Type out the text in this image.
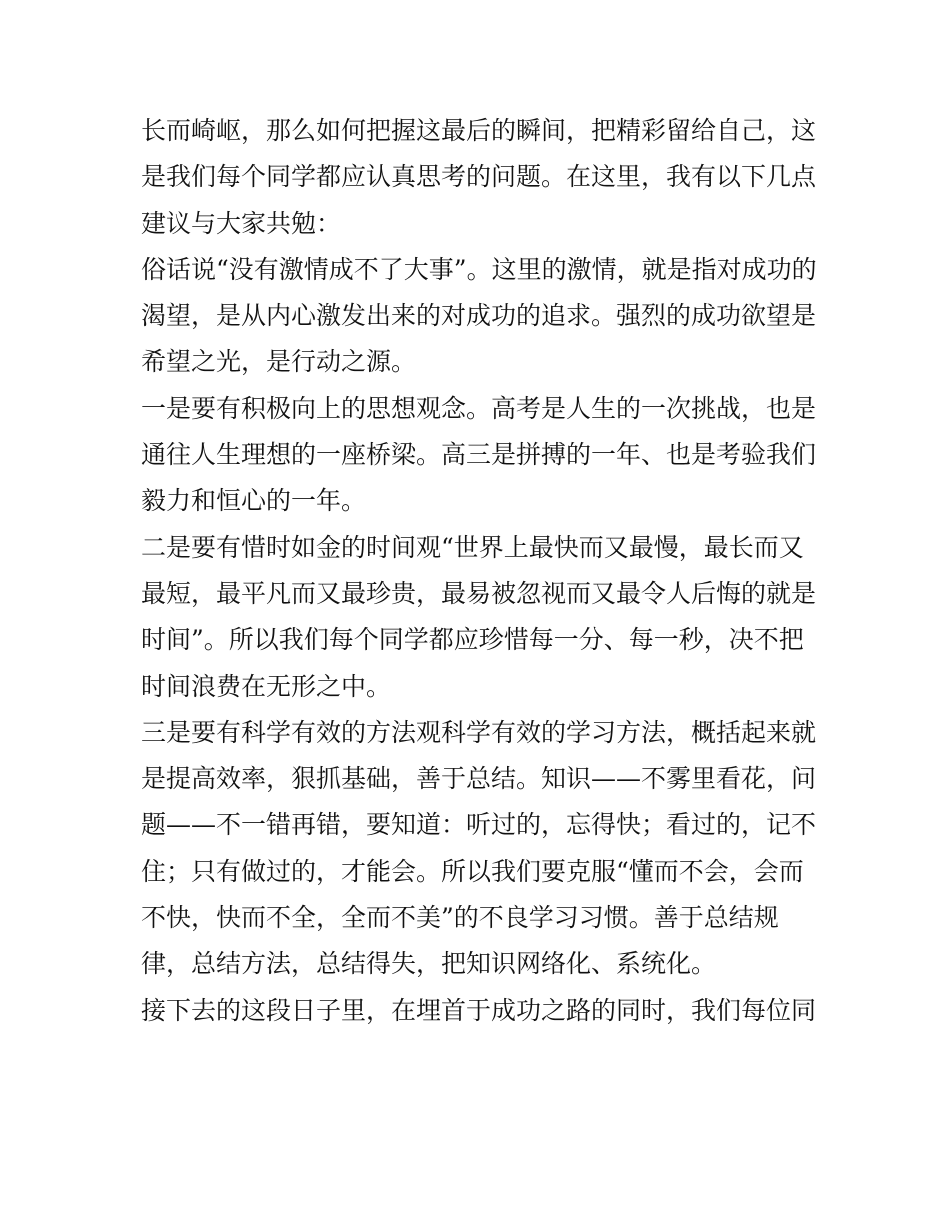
长而崎岖，那么如何把握这最后的瞬间，把精彩留给自己，这
是我们每个同学都应认真思考的问题。在这里，我有以下几点
建议与大家共勉：
俗话说“没有激情成不了大事”。这里的激情，就是指对成功的
渴望，是从内心激发出来的对成功的追求。强烈的成功欲望是
希望之光，是行动之源。
一是要有积极向上的思想观念。高考是人生的一次挑战，也是
通往人生理想的一座桥梁。高三是拼搏的一年、也是考验我们
毅力和恒心的一年。
二是要有惜时如金的时间观“世界上最快而又最慢，最长而又
最短，最平凡而又最珍贵，最易被忽视而又最令人后悔的就是
时间”。所以我们每个同学都应珍惜每一分、每一秒，决不把
时间浪费在无形之中。
三是要有科学有效的方法观科学有效的学习方法，概括起来就
是提高效率，狠抓基础，善于总结。知识——不雾里看花，问
题——不一错再错，要知道：听过的，忘得快；看过的，记不
住；只有做过的，才能会。所以我们要克服“懂而不会，会而
不快，快而不全，全而不美”的不良学习习惯。善于总结规
律，总结方法，总结得失，把知识网络化、系统化。
接下去的这段日子里，在埋首于成功之路的同时，我们每位同
